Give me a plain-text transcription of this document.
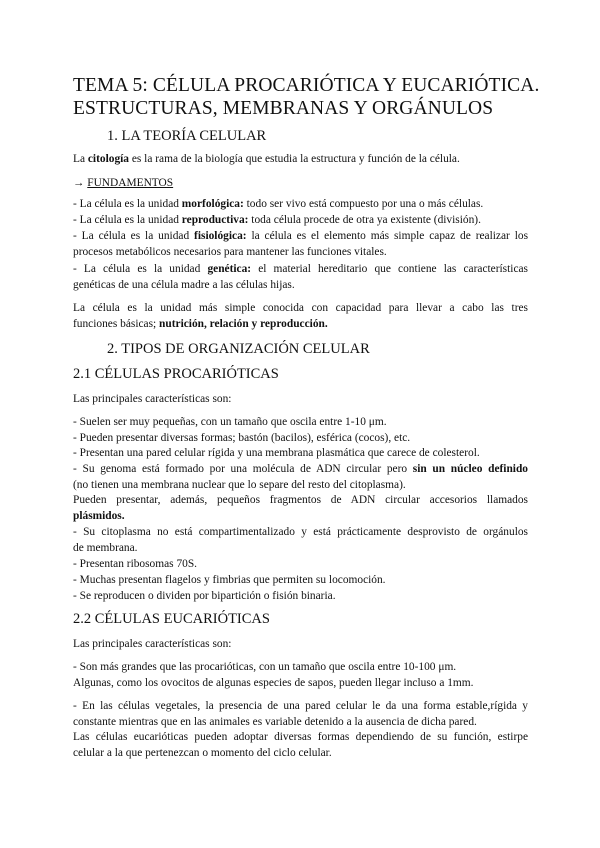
TEMA 5: CÉLULA PROCARIÓTICA Y EUCARIÓTICA.
ESTRUCTURAS, MEMBRANAS Y ORGÁNULOS
1. LA TEORÍA CELULAR

La citología es la rama de la biología que estudia la estructura y función de la célula.

→ FUNDAMENTOS

- La célula es la unidad morfológica: todo ser vivo está compuesto por una o más células.

- La célula es la unidad reproductiva: toda célula procede de otra ya existente (división).

- La célula es la unidad fisiológica: la célula es el elemento más simple capaz de realizar los
procesos metabólicos necesarios para mantener las funciones vitales.

- La célula es la unidad genética: el material hereditario que contiene las características
genéticas de una célula madre a las células hijas.

La célula es la unidad más simple conocida con capacidad para llevar a cabo las tres
funciones básicas; nutrición, relación y reproducción.

2. TIPOS DE ORGANIZACIÓN CELULAR
2.1 CÉLULAS PROCARIÓTICAS

Las principales características son:

- Suelen ser muy pequeñas, con un tamaño que oscila entre 1-10 μm.

- Pueden presentar diversas formas; bastón (bacilos), esférica (cocos), etc.

- Presentan una pared celular rígida y una membrana plasmática que carece de colesterol.

- Su genoma está formado por una molécula de ADN circular pero sin un núcleo definido
(no tienen una membrana nuclear que lo separe del resto del citoplasma).

Pueden presentar, además, pequeños fragmentos de ADN circular accesorios llamados
plásmidos.

- Su citoplasma no está compartimentalizado y está prácticamente desprovisto de orgánulos
de membrana.

- Presentan ribosomas 70S.

- Muchas presentan flagelos y fimbrias que permiten su locomoción.

- Se reproducen o dividen por bipartición o fisión binaria.

2.2 CÉLULAS EUCARIÓTICAS

Las principales características son:

- Son más grandes que las procarióticas, con un tamaño que oscila entre 10-100 μm.

Algunas, como los ovocitos de algunas especies de sapos, pueden llegar incluso a 1mm.

- En las células vegetales, la presencia de una pared celular le da una forma estable,rígida y
constante mientras que en las animales es variable detenido a la ausencia de dicha pared.

Las células eucarióticas pueden adoptar diversas formas dependiendo de su función, estirpe
celular a la que pertenezcan o momento del ciclo celular.
